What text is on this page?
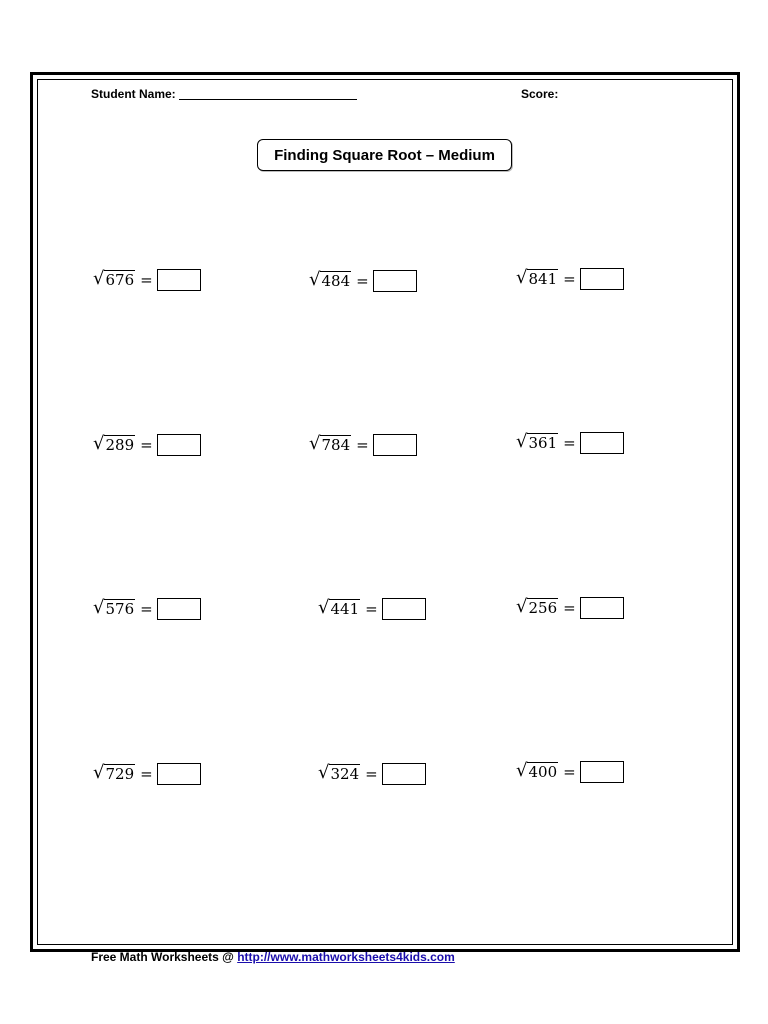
Student Name:	Score:
Finding Square Root – Medium
√ 676 =	√ 484 =	√ 841 =
√ 289 =	√ 784 =	√ 361 =
√ 576 =	√ 441 =	√ 256 =
√ 729 =	√ 324 =	√ 400 =
Free Math Worksheets @ http://www.mathworksheets4kids.com
